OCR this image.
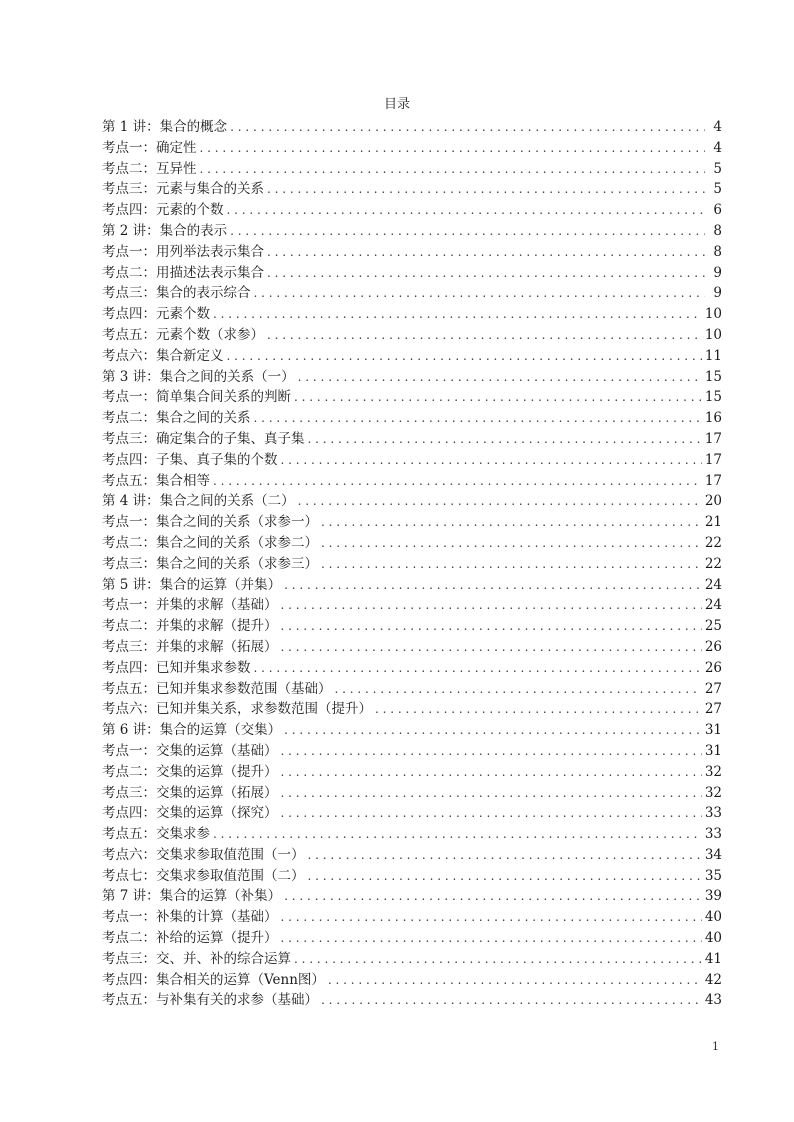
目录
第 1 讲：集合的概念 . . .	4
考点一：确定性 . . .	4
考点二：互异性 . . .	5
考点三：元素与集合的关系 . . .	5
考点四：元素的个数 . . .	6
第 2 讲：集合的表示 . . .	8
考点一：用列举法表示集合 . . .	8
考点二：用描述法表示集合 . . .	9
考点三：集合的表示综合 . . .	9
考点四：元素个数 . . .	10
考点五：元素个数（求参） . . .	10
考点六：集合新定义 . . .	11
第 3 讲：集合之间的关系（一） . . .	15
考点一：简单集合间关系的判断 . . .	15
考点二：集合之间的关系 . . .	16
考点三：确定集合的子集、真子集 . . .	17
考点四：子集、真子集的个数 . . .	17
考点五：集合相等 . . .	17
第 4 讲：集合之间的关系（二） . . .	20
考点一：集合之间的关系（求参一） . . .	21
考点二：集合之间的关系（求参二） . . .	22
考点三：集合之间的关系（求参三） . . .	22
第 5 讲：集合的运算（并集） . . .	24
考点一：并集的求解（基础） . . .	24
考点二：并集的求解（提升） . . .	25
考点三：并集的求解（拓展） . . .	26
考点四：已知并集求参数 . . .	26
考点五：已知并集求参数范围（基础） . . .	27
考点六：已知并集关系，求参数范围（提升） . . .	27
第 6 讲：集合的运算（交集） . . .	31
考点一：交集的运算（基础） . . .	31
考点二：交集的运算（提升） . . .	32
考点三：交集的运算（拓展） . . .	32
考点四：交集的运算（探究） . . .	33
考点五：交集求参 . . .	33
考点六：交集求参取值范围（一） . . .	34
考点七：交集求参取值范围（二） . . .	35
第 7 讲：集合的运算（补集） . . .	39
考点一：补集的计算（基础） . . .	40
考点二：补给的运算（提升） . . .	40
考点三：交、并、补的综合运算 . . .	41
考点四：集合相关的运算（Venn图） . . .	42
考点五：与补集有关的求参（基础） . . .	43
1
